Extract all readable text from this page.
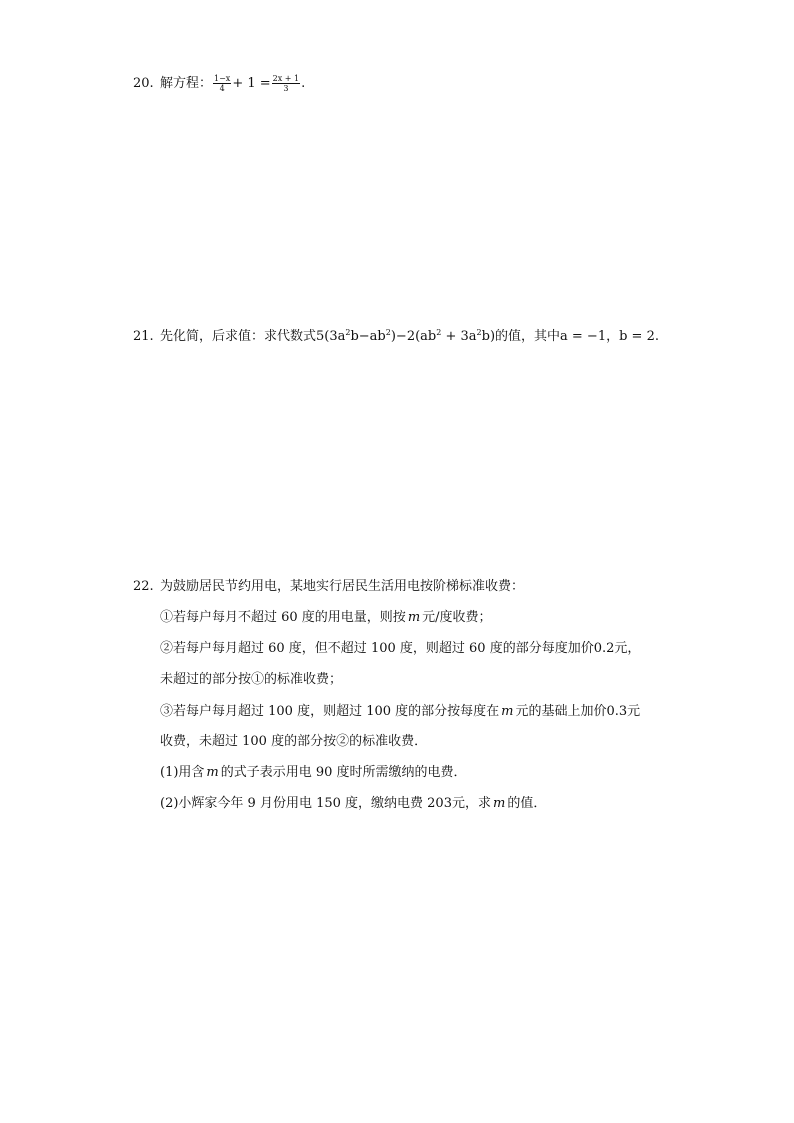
20. 解方程： $\frac{1-x}{4} + 1 = \frac{2x + 1}{3}$ .
21. 先化简，后求值：求代数式$5(3a^2b-ab^2)-2(ab^2 + 3a^2b)$的值，其中a = −1，b = 2.
22. 为鼓励居民节约用电，某地实行居民生活用电按阶梯标准收费：
①若每户每月不超过 60 度的用电量，则按 m 元/度收费；
②若每户每月超过 60 度，但不超过 100 度，则超过 60 度的部分每度加价0.2元，
未超过的部分按①的标准收费；
③若每户每月超过 100 度，则超过 100 度的部分按每度在 m 元的基础上加价0.3元
收费，未超过 100 度的部分按②的标准收费．
(1)用含 m 的式子表示用电 90 度时所需缴纳的电费．
(2)小辉家今年 9 月份用电 150 度，缴纳电费 203元，求 m 的值．
